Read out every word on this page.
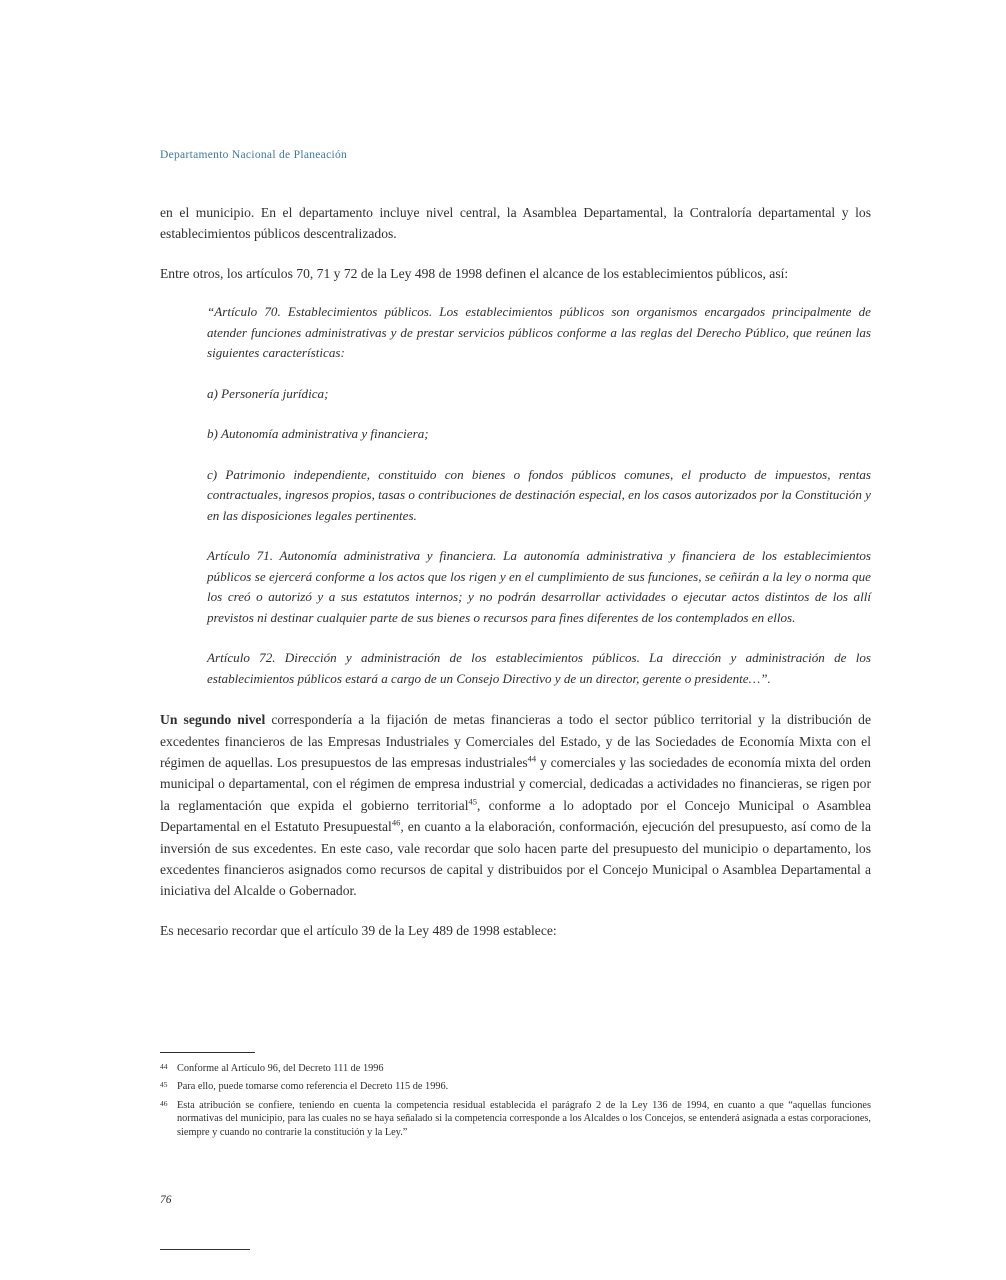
Departamento Nacional de Planeación

en el municipio. En el departamento incluye nivel central, la Asamblea Departamental, la Contraloría departamental y los establecimientos públicos descentralizados.

Entre otros, los artículos 70, 71 y 72 de la Ley 498 de 1998 definen el alcance de los establecimientos públicos, así:

“Artículo 70. Establecimientos públicos. Los establecimientos públicos son organismos encargados principalmente de atender funciones administrativas y de prestar servicios públicos conforme a las reglas del Derecho Público, que reúnen las siguientes características:

a) Personería jurídica;

b) Autonomía administrativa y financiera;

c) Patrimonio independiente, constituido con bienes o fondos públicos comunes, el producto de impuestos, rentas contractuales, ingresos propios, tasas o contribuciones de destinación especial, en los casos autorizados por la Constitución y en las disposiciones legales pertinentes.

Artículo 71. Autonomía administrativa y financiera. La autonomía administrativa y financiera de los establecimientos públicos se ejercerá conforme a los actos que los rigen y en el cumplimiento de sus funciones, se ceñirán a la ley o norma que los creó o autorizó y a sus estatutos internos; y no podrán desarrollar actividades o ejecutar actos distintos de los allí previstos ni destinar cualquier parte de sus bienes o recursos para fines diferentes de los contemplados en ellos.

Artículo 72. Dirección y administración de los establecimientos públicos. La dirección y administración de los establecimientos públicos estará a cargo de un Consejo Directivo y de un director, gerente o presidente…”.

Un segundo nivel correspondería a la fijación de metas financieras a todo el sector público territorial y la distribución de excedentes financieros de las Empresas Industriales y Comerciales del Estado, y de las Sociedades de Economía Mixta con el régimen de aquellas. Los presupuestos de las empresas industriales$^{44}$ y comerciales y las sociedades de economía mixta del orden municipal o departamental, con el régimen de empresa industrial y comercial, dedicadas a actividades no financieras, se rigen por la reglamentación que expida el gobierno territorial$^{45}$, conforme a lo adoptado por el Concejo Municipal o Asamblea Departamental en el Estatuto Presupuestal$^{46}$, en cuanto a la elaboración, conformación, ejecución del presupuesto, así como de la inversión de sus excedentes. En este caso, vale recordar que solo hacen parte del presupuesto del municipio o departamento, los excedentes financieros asignados como recursos de capital y distribuidos por el Concejo Municipal o Asamblea Departamental a iniciativa del Alcalde o Gobernador.

Es necesario recordar que el artículo 39 de la Ley 489 de 1998 establece:

44 Conforme al Artículo 96, del Decreto 111 de 1996
45 Para ello, puede tomarse como referencia el Decreto 115 de 1996.
46 Esta atribución se confiere, teniendo en cuenta la competencia residual establecida el parágrafo 2 de la Ley 136 de 1994, en cuanto a que “aquellas funciones normativas del municipio, para las cuales no se haya señalado si la competencia corresponde a los Alcaldes o los Concejos, se entenderá asignada a estas corporaciones, siempre y cuando no contrarie la constitución y la Ley.”
76
